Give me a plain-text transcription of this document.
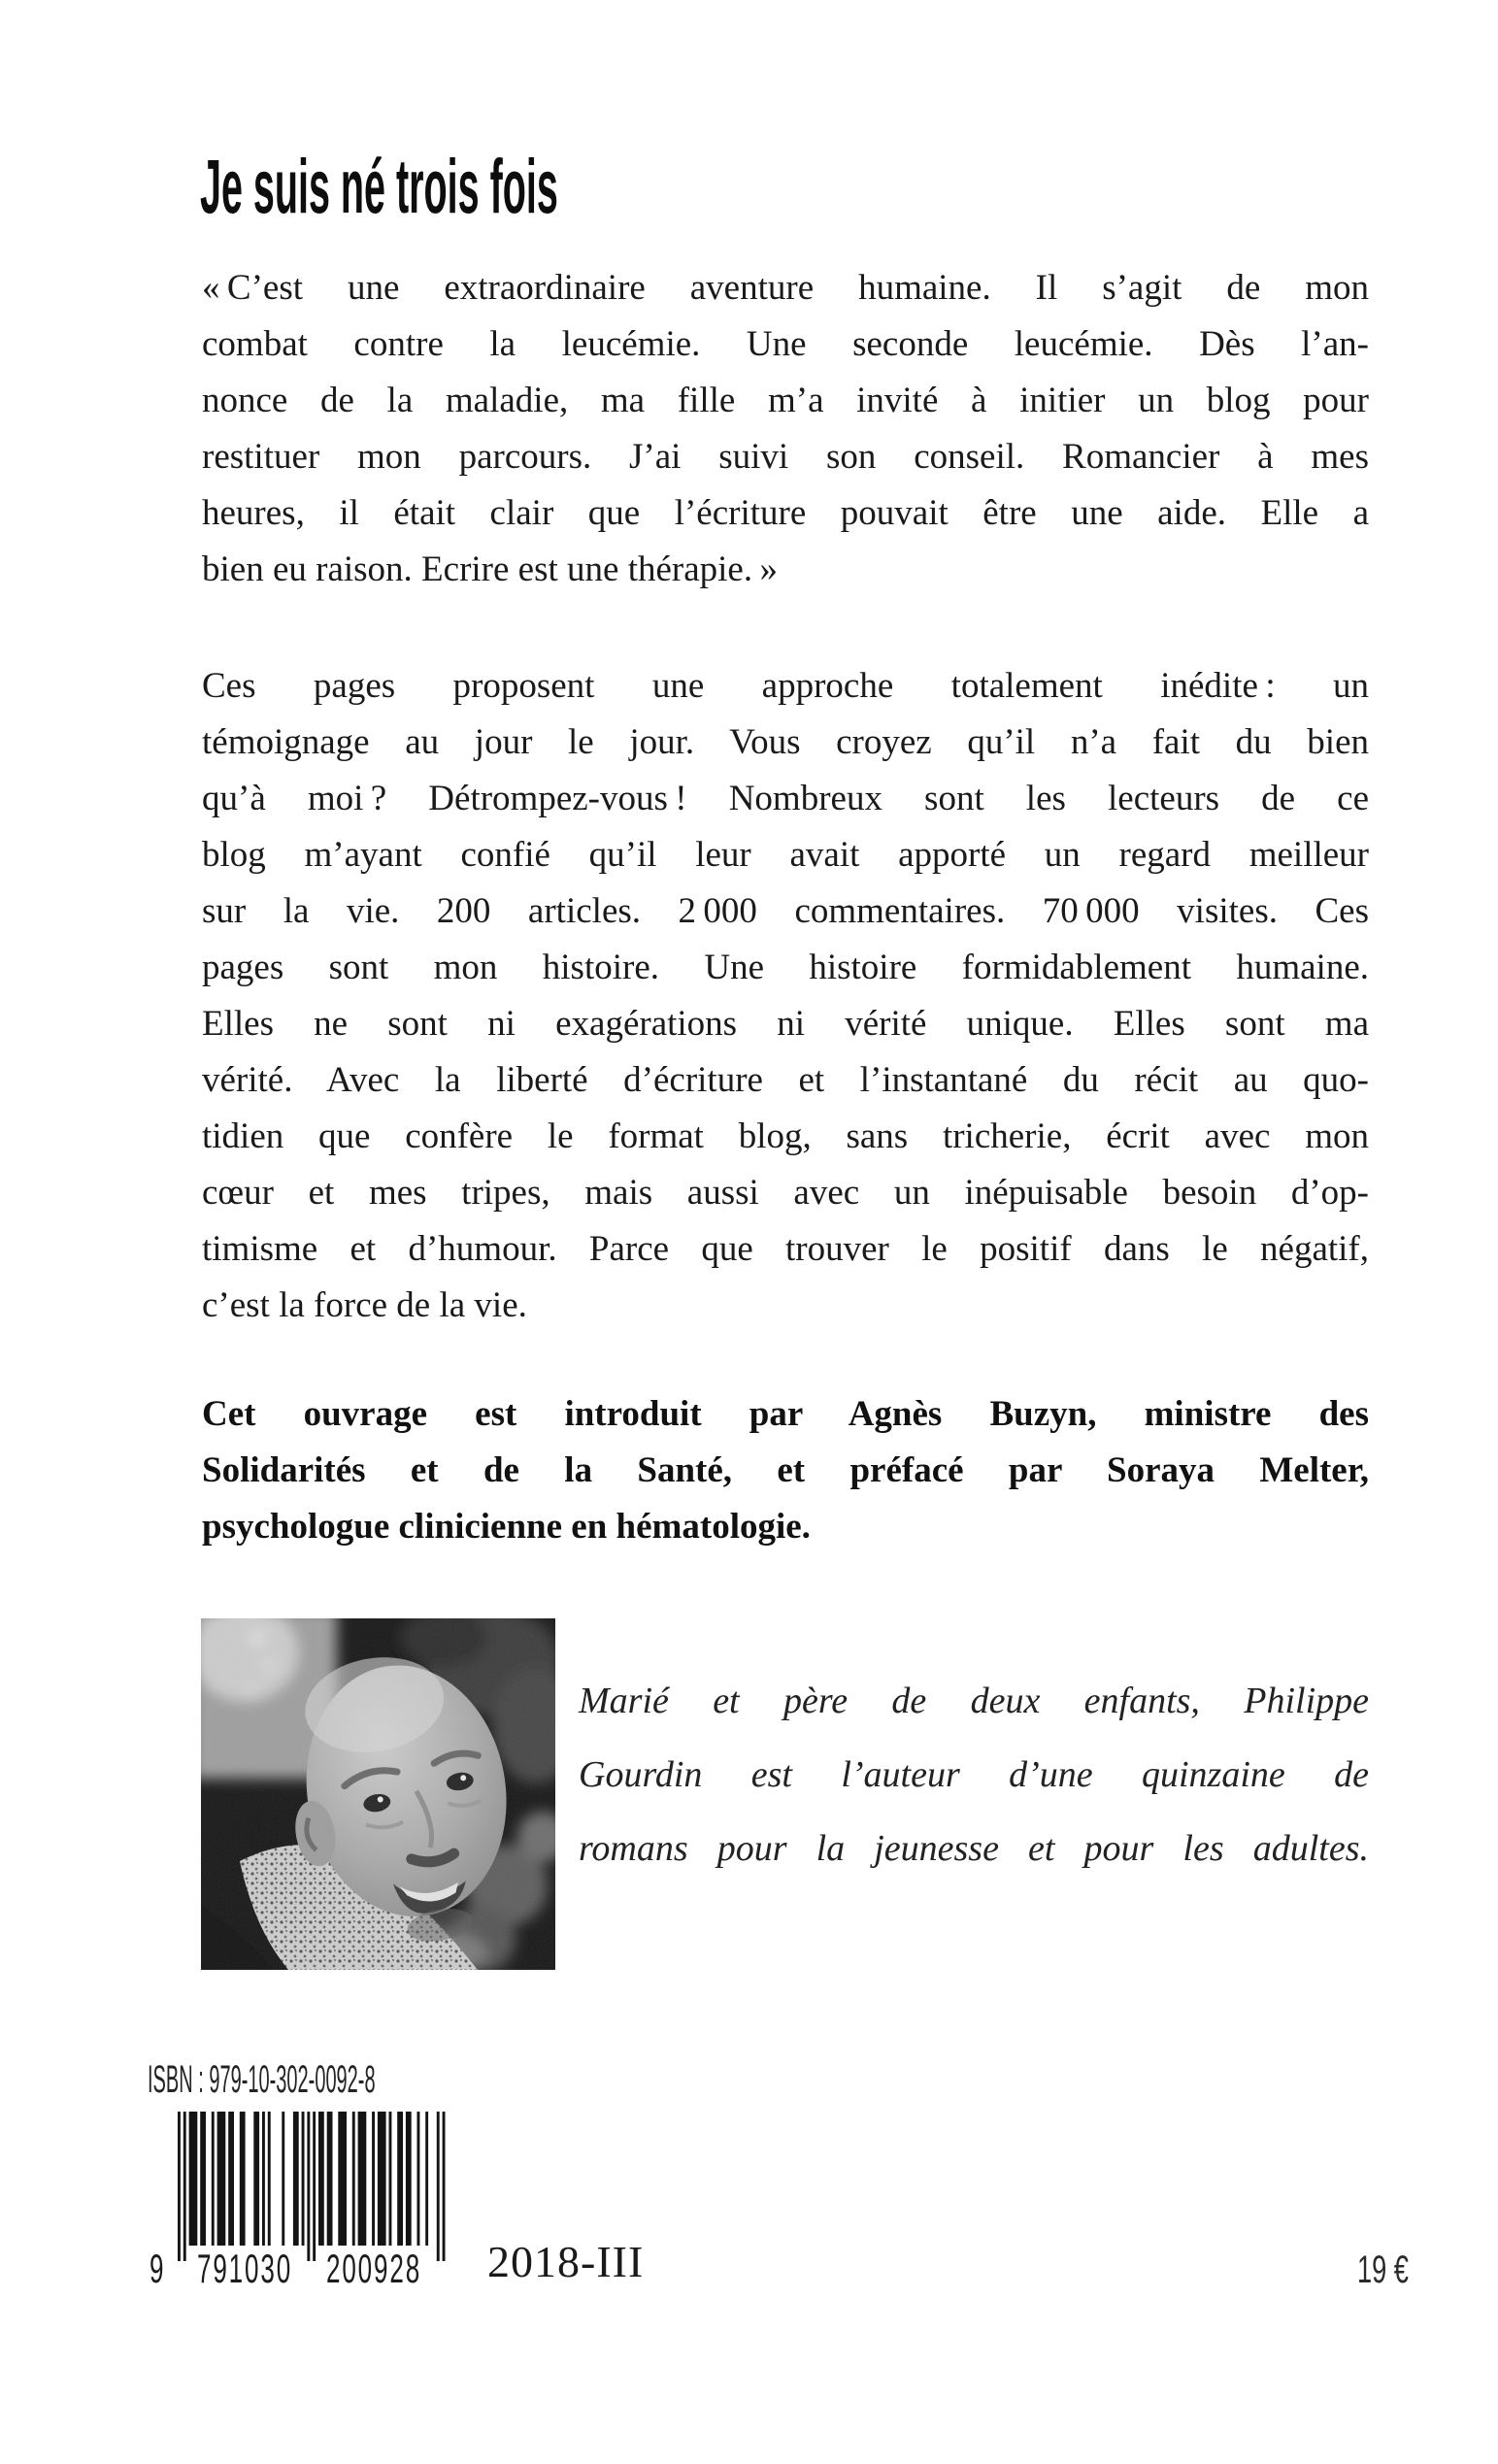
Je suis né trois fois
« C’est une extraordinaire aventure humaine. Il s’agit de mon
combat contre la leucémie. Une seconde leucémie. Dès l’an-
nonce de la maladie, ma fille m’a invité à initier un blog pour
restituer mon parcours. J’ai suivi son conseil. Romancier à mes
heures, il était clair que l’écriture pouvait être une aide. Elle a
bien eu raison. Ecrire est une thérapie. »
Ces pages proposent une approche totalement inédite : un
témoignage au jour le jour. Vous croyez qu’il n’a fait du bien
qu’à moi ? Détrompez-vous ! Nombreux sont les lecteurs de ce
blog m’ayant confié qu’il leur avait apporté un regard meilleur
sur la vie. 200 articles. 2 000 commentaires. 70 000 visites. Ces
pages sont mon histoire. Une histoire formidablement humaine.
Elles ne sont ni exagérations ni vérité unique. Elles sont ma
vérité. Avec la liberté d’écriture et l’instantané du récit au quo-
tidien que confère le format blog, sans tricherie, écrit avec mon
cœur et mes tripes, mais aussi avec un inépuisable besoin d’op-
timisme et d’humour. Parce que trouver le positif dans le négatif,
c’est la force de la vie.
Cet ouvrage est introduit par Agnès Buzyn, ministre des
Solidarités et de la Santé, et préfacé par Soraya Melter,
psychologue clinicienne en hématologie.
Marié et père de deux enfants, Philippe
Gourdin est l’auteur d’une quinzaine de
romans pour la jeunesse et pour les adultes.
ISBN : 979-10-302-0092-8
9 791030 200928 2018-III	19 €
